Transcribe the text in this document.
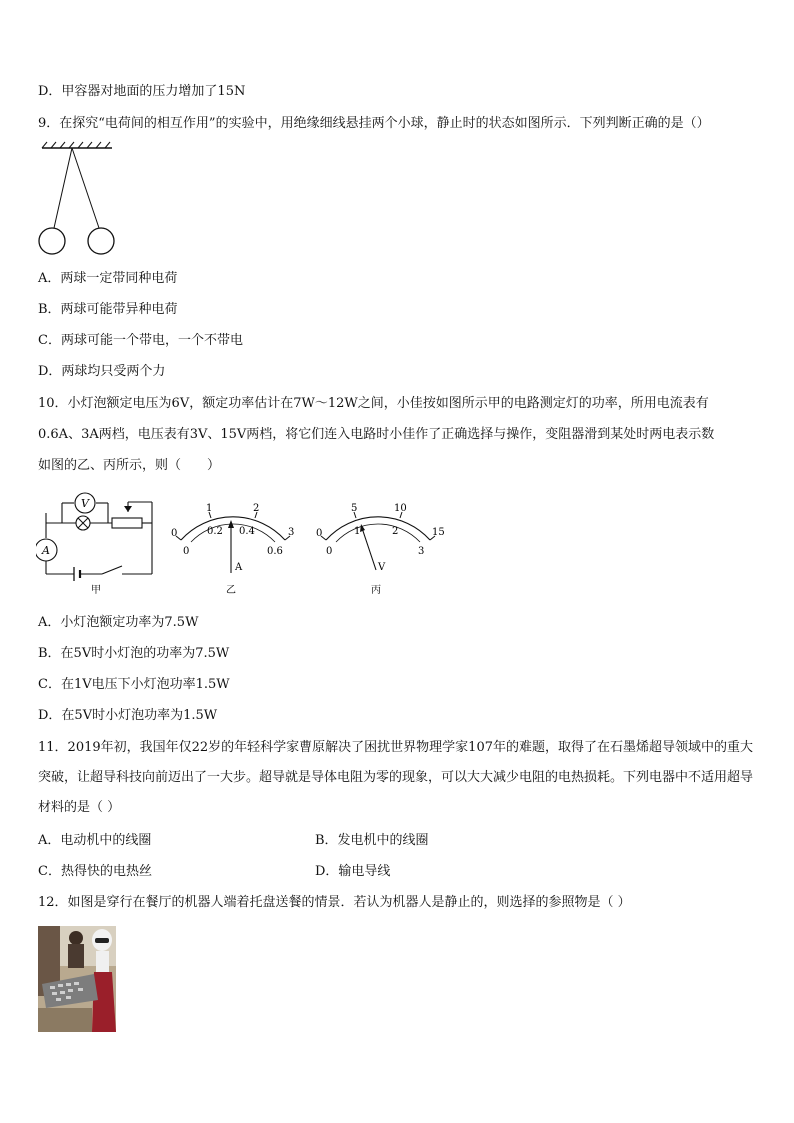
D．甲容器对地面的压力增加了15N
9．在探究“电荷间的相互作用”的实验中，用绝缘细线悬挂两个小球，静止时的状态如图所示．下列判断正确的是（）
A．两球一定带同种电荷
B．两球可能带异种电荷
C．两球可能一个带电，一个不带电
D．两球均只受两个力
10．小灯泡额定电压为6V，额定功率估计在7W～12W之间，小佳按如图所示甲的电路测定灯的功率，所用电流表有
0.6A、3A两档，电压表有3V、15V两档，将它们连入电路时小佳作了正确选择与操作，变阻器滑到某处时两电表示数
如图的乙、丙所示，则（　　）
V
A
甲
0
1	2
3
0
0.2 0.4
0.6
A
乙
0
5	10
15
0
1	2
3
V
丙
A．小灯泡额定功率为7.5W
B．在5V时小灯泡的功率为7.5W
C．在1V电压下小灯泡功率1.5W
D．在5V时小灯泡功率为1.5W
11．2019年初，我国年仅22岁的年轻科学家曹原解决了困扰世界物理学家107年的难题，取得了在石墨烯超导领域中的重大突破，让超导科技向前迈出了一大步。超导就是导体电阻为零的现象，可以大大减少电阻的电热损耗。下列电器中不适用超导材料的是（ ）
A．电动机中的线圈	B．发电机中的线圈
C．热得快的电热丝	D．输电导线
12．如图是穿行在餐厅的机器人端着托盘送餐的情景．若认为机器人是静止的，则选择的参照物是（ ）
